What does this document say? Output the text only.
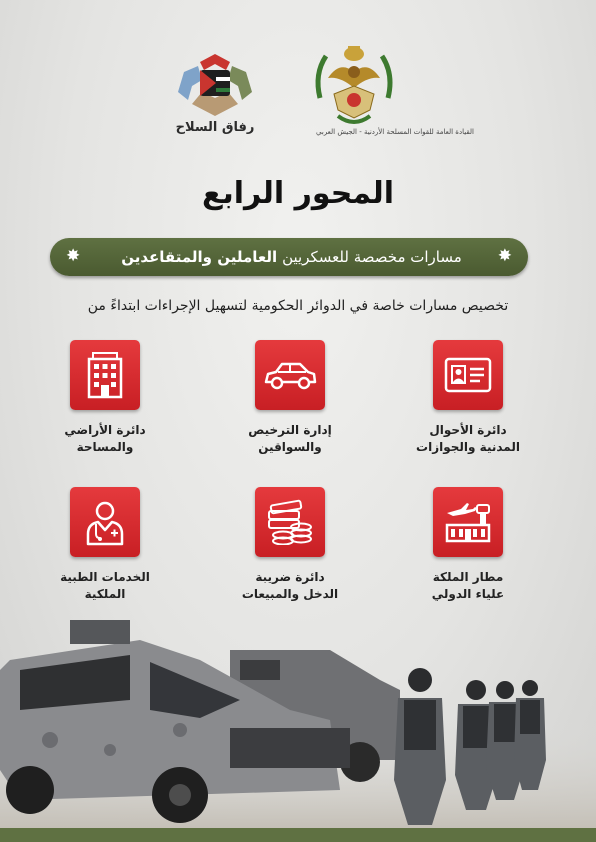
رفاق السلاح	القيادة العامة للقوات المسلحة الأردنية - الجيش العربي
المحور الرابع
✸
مسارات مخصصة للعسكريين
العاملين والمتقاعدين
✸
تخصيص مسارات خاصة في الدوائر الحكومية لتسهيل الإجراءات ابتداءً من
دائرة الأحوال
المدنية والجوازات
إدارة الترخيص
والسواقين
دائرة الأراضي
والمساحة
مطار الملكة
علياء الدولي
دائرة ضريبة
الدخل والمبيعات
الخدمات الطبية
الملكية
